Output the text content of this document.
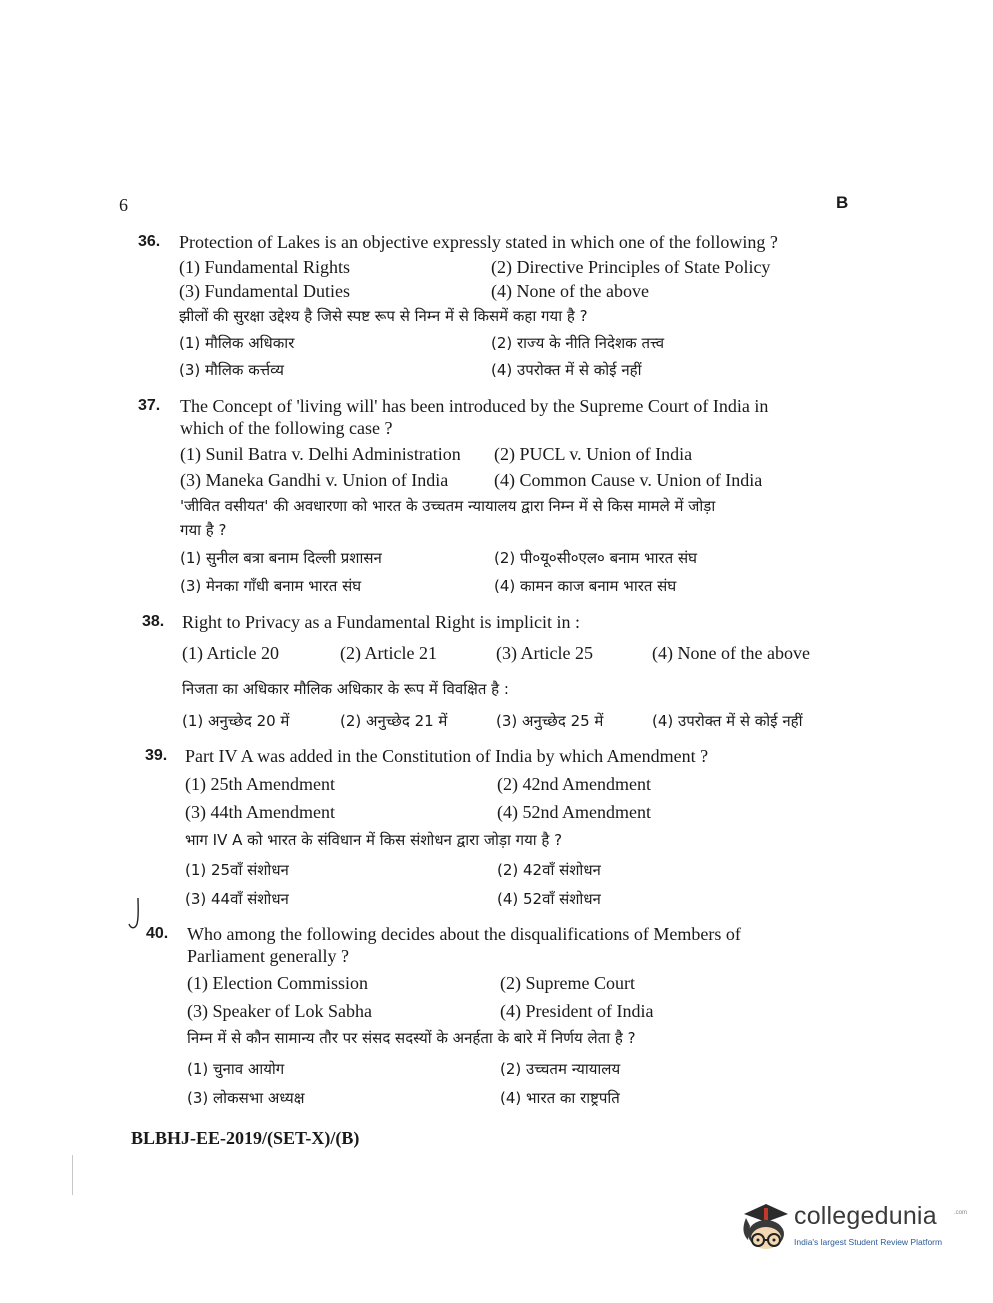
6	B
36. Protection of Lakes is an objective expressly stated in which one of the following ?
(1) Fundamental Rights	(2) Directive Principles of State Policy
(3) Fundamental Duties	(4) None of the above
झीलों की सुरक्षा उद्देश्य है जिसे स्पष्ट रूप से निम्न में से किसमें कहा गया है ?
(1) मौलिक अधिकार	(2) राज्य के नीति निदेशक तत्त्व
(3) मौलिक कर्त्तव्य	(4) उपरोक्त में से कोई नहीं
37. The Concept of 'living will' has been introduced by the Supreme Court of India in
which of the following case ?
(1) Sunil Batra v. Delhi Administration (2) PUCL v. Union of India
(3) Maneka Gandhi v. Union of India	(4) Common Cause v. Union of India
'जीवित वसीयत' की अवधारणा को भारत के उच्चतम न्यायालय द्वारा निम्न में से किस मामले में जोड़ा
गया है ?
(1) सुनील बत्रा बनाम दिल्ली प्रशासन	(2) पी०यू०सी०एल० बनाम भारत संघ
(3) मेनका गाँधी बनाम भारत संघ	(4) कामन काज बनाम भारत संघ
38. Right to Privacy as a Fundamental Right is implicit in :
(1) Article 20	(2) Article 21	(3) Article 25	(4) None of the above
निजता का अधिकार मौलिक अधिकार के रूप में विवक्षित है :
(1) अनुच्छेद 20 में	(2) अनुच्छेद 21 में	(3) अनुच्छेद 25 में	(4) उपरोक्त में से कोई नहीं
39. Part IV A was added in the Constitution of India by which Amendment ?
(1) 25th Amendment	(2) 42nd Amendment
(3) 44th Amendment	(4) 52nd Amendment
भाग IV A को भारत के संविधान में किस संशोधन द्वारा जोड़ा गया है ?
(1) 25वाँ संशोधन	(2) 42वाँ संशोधन
(3) 44वाँ संशोधन	(4) 52वाँ संशोधन
40. Who among the following decides about the disqualifications of Members of
Parliament generally ?
(1) Election Commission	(2) Supreme Court
(3) Speaker of Lok Sabha	(4) President of India
निम्न में से कौन सामान्य तौर पर संसद सदस्यों के अनर्हता के बारे में निर्णय लेता है ?
(1) चुनाव आयोग	(2) उच्चतम न्यायालय
(3) लोकसभा अध्यक्ष	(4) भारत का राष्ट्रपति
BLBHJ-EE-2019/(SET-X)/(B)
collegedunia	.com
India's largest Student Review Platform
